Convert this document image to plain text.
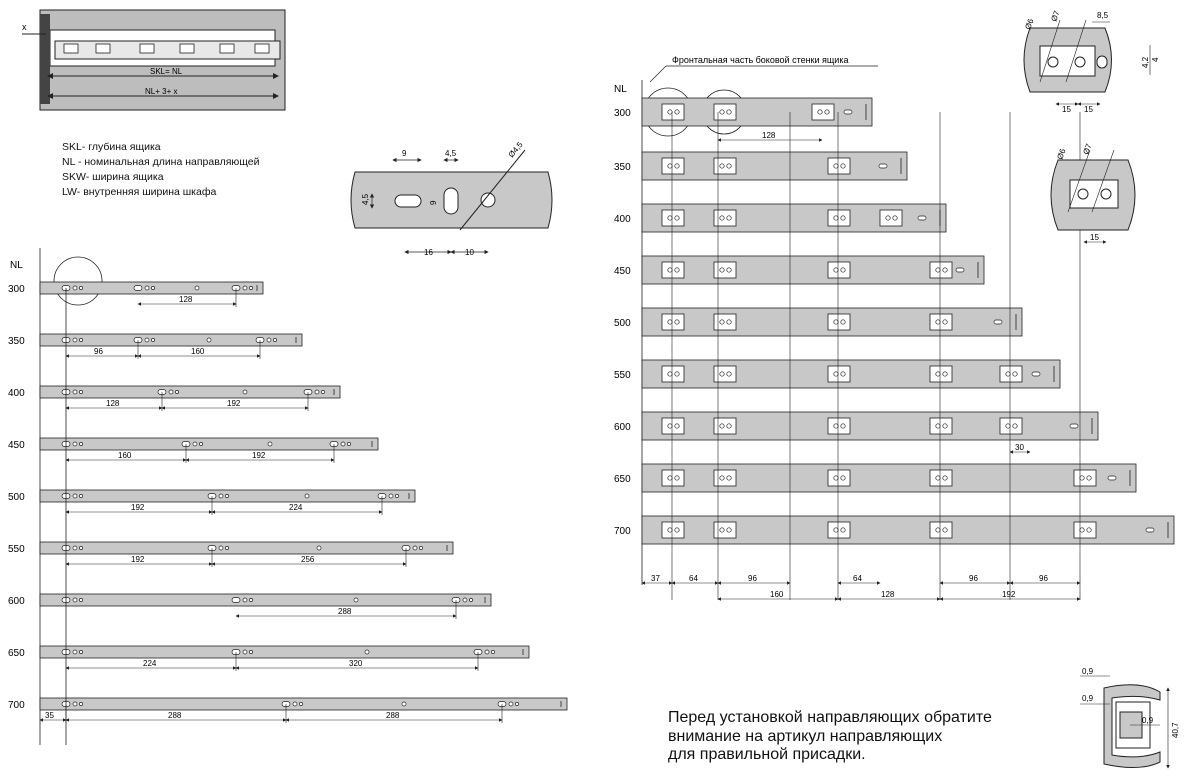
x
SKL= NL
NL+ 3+ x
9	4,5	Ø4,5
4,5	9
16	10
NL
300
128
350
96	160
400
128	192
450
160	192
500
192	224
550
192	256
600
288
650
224	320
700
35	288	288
NL
Фронтальная часть боковой стенки ящика
300
350
400
450
500
550
600
650
700
128
30
37	64	96	64	96	96
160	128	192
Ø6
Ø7	8,5
4,2 4
15 15
Ø6 Ø7
15
0,9
0,9
0,9
40,7
SKL- глубина ящика
NL - номинальная длина направляющей
SKW- ширина ящика
LW- внутренняя ширина шкафа
Перед установкой направляющих обратите
внимание на артикул направляющих
для правильной присадки.
